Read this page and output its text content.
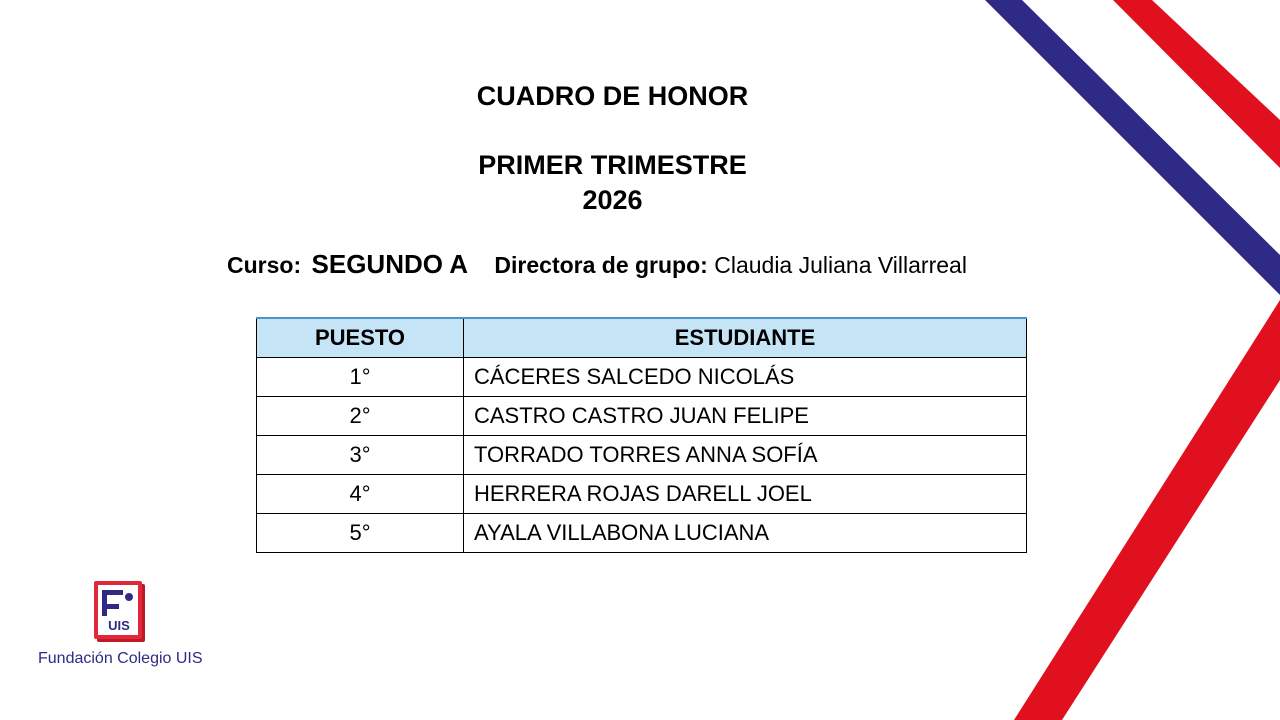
CUADRO DE HONOR
PRIMER TRIMESTRE
2026
Curso: SEGUNDO A Directora de grupo: Claudia Juliana Villarreal
PUESTO	ESTUDIANTE
1°	CÁCERES SALCEDO NICOLÁS
2°	CASTRO CASTRO JUAN FELIPE
3°	TORRADO TORRES ANNA SOFÍA
4°	HERRERA ROJAS DARELL JOEL
5°	AYALA VILLABONA LUCIANA
UIS
Fundación Colegio UIS
